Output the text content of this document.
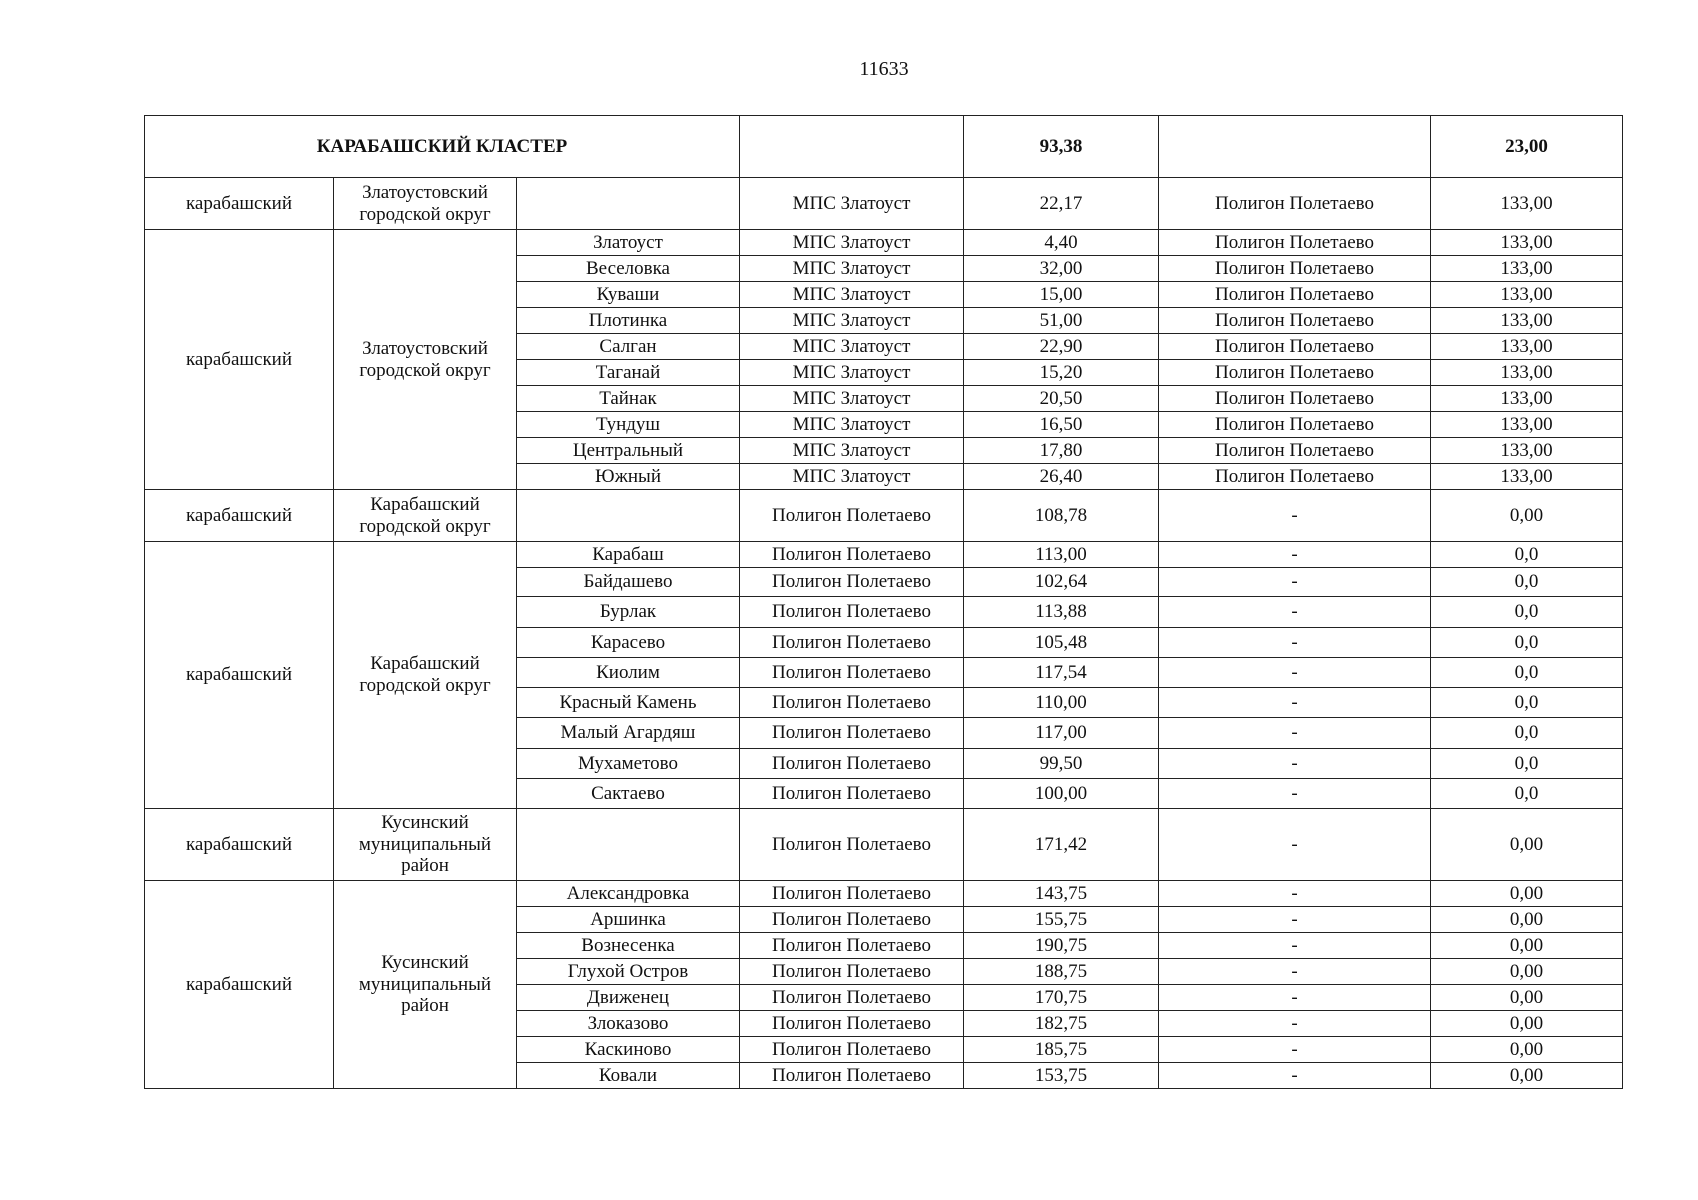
11633
КАРАБАШСКИЙ КЛАСТЕР				93,38		23,00
карабашский	Златоустовский городской округ		МПС Златоуст	22,17	Полигон Полетаево	133,00
карабашский	Златоустовский городской округ	Златоуст	МПС Златоуст	4,40	Полигон Полетаево	133,00
		Веселовка	МПС Златоуст	32,00	Полигон Полетаево	133,00
		Куваши	МПС Златоуст	15,00	Полигон Полетаево	133,00
		Плотинка	МПС Златоуст	51,00	Полигон Полетаево	133,00
		Салган	МПС Златоуст	22,90	Полигон Полетаево	133,00
		Таганай	МПС Златоуст	15,20	Полигон Полетаево	133,00
		Тайнак	МПС Златоуст	20,50	Полигон Полетаево	133,00
		Тундуш	МПС Златоуст	16,50	Полигон Полетаево	133,00
		Центральный	МПС Златоуст	17,80	Полигон Полетаево	133,00
		Южный	МПС Златоуст	26,40	Полигон Полетаево	133,00
карабашский	Карабашский городской округ		Полигон Полетаево	108,78	-	0,00
карабашский	Карабашский городской округ	Карабаш	Полигон Полетаево	113,00	-	0,0
		Байдашево	Полигон Полетаево	102,64	-	0,0
		Бурлак	Полигон Полетаево	113,88	-	0,0
		Карасево	Полигон Полетаево	105,48	-	0,0
		Киолим	Полигон Полетаево	117,54	-	0,0
		Красный Камень	Полигон Полетаево	110,00	-	0,0
		Малый Агардяш	Полигон Полетаево	117,00	-	0,0
		Мухаметово	Полигон Полетаево	99,50	-	0,0
		Сактаево	Полигон Полетаево	100,00	-	0,0
карабашский	Кусинский муниципальный район		Полигон Полетаево	171,42	-	0,00
карабашский	Кусинский муниципальный район	Александровка	Полигон Полетаево	143,75	-	0,00
		Аршинка	Полигон Полетаево	155,75	-	0,00
		Вознесенка	Полигон Полетаево	190,75	-	0,00
		Глухой Остров	Полигон Полетаево	188,75	-	0,00
		Движенец	Полигон Полетаево	170,75	-	0,00
		Злоказово	Полигон Полетаево	182,75	-	0,00
		Каскиново	Полигон Полетаево	185,75	-	0,00
		Ковали	Полигон Полетаево	153,75	-	0,00
